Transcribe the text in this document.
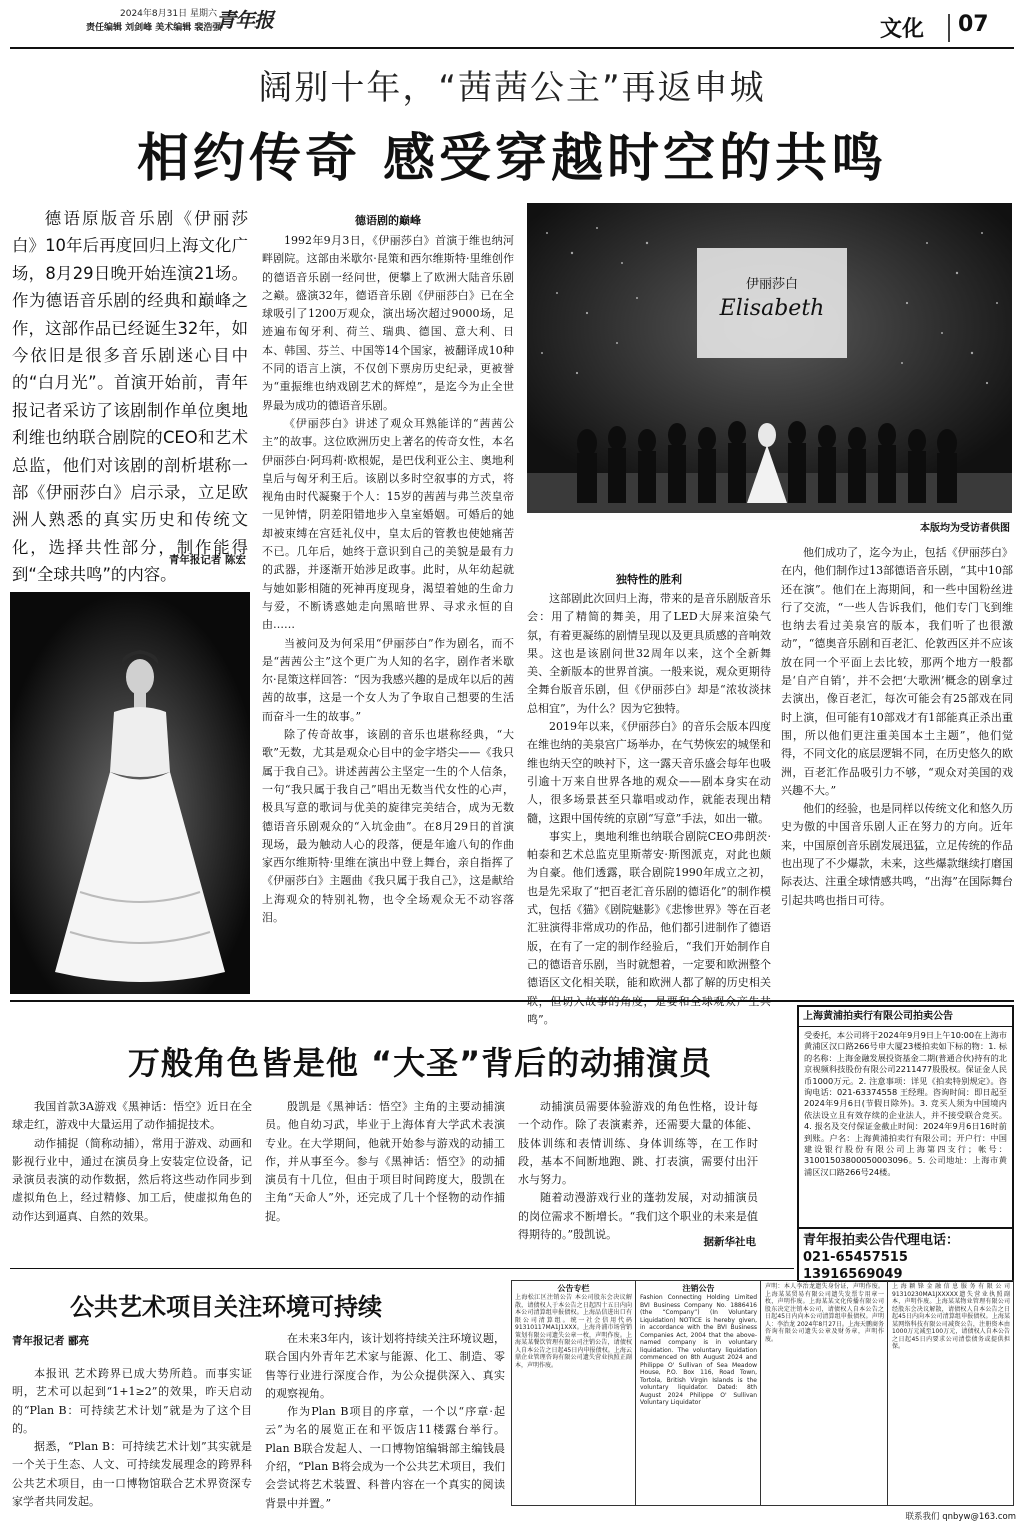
2024年8月31日 星期六
责任编辑 刘剑峰 美术编辑 裴浩强
青年报	文化 07
阔别十年，“茜茜公主”再返申城
相约传奇 感受穿越时空的共鸣
德语原版音乐剧《伊丽莎白》10年后再度回归上海文化广场，8月29日晚开始连演21场。作为德语音乐剧的经典和巅峰之作，这部作品已经诞生32年，如今依旧是很多音乐剧迷心目中的“白月光”。首演开始前，青年报记者采访了该剧制作单位奥地利维也纳联合剧院的CEO和艺术总监，他们对该剧的剖析堪称一部《伊丽莎白》启示录，立足欧洲人熟悉的真实历史和传统文化，选择共性部分，制作能得到“全球共鸣”的内容。
青年报记者 陈宏
德语剧的巅峰

1992年9月3日，《伊丽莎白》首演于维也纳河畔剧院。这部由米歇尔·昆策和西尔维斯特·里维创作的德语音乐剧一经问世，便攀上了欧洲大陆音乐剧之巅。盛演32年，德语音乐剧《伊丽莎白》已在全球吸引了1200万观众，演出场次超过9000场，足迹遍布匈牙利、荷兰、瑞典、德国、意大利、日本、韩国、芬兰、中国等14个国家，被翻译成10种不同的语言上演，不仅创下票房历史纪录，更被誉为“重振维也纳戏剧艺术的辉煌”，是迄今为止全世界最为成功的德语音乐剧。

《伊丽莎白》讲述了观众耳熟能详的“茜茜公主”的故事。这位欧洲历史上著名的传奇女性，本名伊丽莎白·阿玛莉·欧根妮，是巴伐利亚公主、奥地利皇后与匈牙利王后。该剧以多时空叙事的方式，将视角由时代凝聚于个人：15岁的茜茜与弗兰茨皇帝一见钟情，阴差阳错地步入皇室婚姻。可婚后的她却被束缚在宫廷礼仪中，皇太后的管教也使她痛苦不已。几年后，她终于意识到自己的美貌是最有力的武器，并逐渐开始涉足政事。此时，从年幼起就与她如影相随的死神再度现身，渴望着她的生命力与爱，不断诱惑她走向黑暗世界、寻求永恒的自由……

当被问及为何采用“伊丽莎白”作为剧名，而不是“茜茜公主”这个更广为人知的名字，剧作者米歇尔·昆策这样回答：“因为我感兴趣的是成年以后的茜茜的故事，这是一个女人为了争取自己想要的生活而奋斗一生的故事。”

除了传奇故事，该剧的音乐也堪称经典，“大歌”无数，尤其是观众心目中的金字塔尖——《我只属于我自己》。讲述茜茜公主坚定一生的个人信条，一句“我只属于我自己”唱出无数当代女性的心声，极具写意的歌词与优美的旋律完美结合，成为无数德语音乐剧观众的“入坑金曲”。在8月29日的首演现场，最为触动人心的段落，便是年逾八旬的作曲家西尔维斯特·里维在演出中登上舞台，亲自指挥了《伊丽莎白》主题曲《我只属于我自己》，这是献给上海观众的特别礼物，也令全场观众无不动容落泪。

伊丽莎白
Elisabeth
本版均为受访者供图
独特性的胜利

这部剧此次回归上海，带来的是音乐剧版音乐会：用了精简的舞美，用了LED大屏来渲染气氛，有着更凝练的剧情呈现以及更具质感的音响效果。这也是该剧问世32周年以来，这个全新舞美、全新版本的世界首演。一般来说，观众更期待全舞台版音乐剧，但《伊丽莎白》却是“浓妆淡抹总相宜”，为什么？因为它独特。

2019年以来，《伊丽莎白》的音乐会版本四度在维也纳的美泉宫广场举办，在气势恢宏的城堡和维也纳天空的映衬下，这一露天音乐盛会每年也吸引逾十万来自世界各地的观众——剧本身实在动人，很多场景甚至只靠唱或动作，就能表现出精髓，这跟中国传统的京剧“写意”手法，如出一辙。

事实上，奥地利维也纳联合剧院CEO弗朗茨·帕泰和艺术总监克里斯蒂安·斯图派克，对此也颇为自豪。他们透露，联合剧院1990年成立之初，也是先采取了“把百老汇音乐剧的德语化”的制作模式，包括《猫》《剧院魅影》《悲惨世界》等在百老汇驻演得非常成功的作品，他们都引进制作了德语版，在有了一定的制作经验后，“我们开始制作自己的德语音乐剧，当时就想着，一定要和欧洲整个德语区文化相关联，能和欧洲人都了解的历史相关 鸣”。

他们成功了，迄今为止，包括《伊丽莎白》在内，他们制作过13部德语音乐剧，“其中10部还在演”。他们在上海期间，和一些中国粉丝进行了交流，“一些人告诉我们，他们专门飞到维也纳去看过美泉宫的版本，我们听了也很激动”，“德奥音乐剧和百老汇、伦敦西区并不应该放在同一个平面上去比较，那两个地方一般都是‘自产自销’，并不会把‘大歌洲’概念的剧拿过去演出，像百老汇，每次可能会有25部戏在同时上演，但可能有10部戏才有1部能真正杀出重围，所以他们更注重美国本土主题”，他们觉得，不同文化的底层逻辑不同，在历史悠久的欧洲，百老汇作品吸引力不够，“观众对美国的戏兴趣不大。”

他们的经验，也是同样以传统文化和悠久历史为傲的中国音乐剧人正在努力的方向。近年来，中国原创音乐剧发展迅猛，立足传统的作品也出现了不少爆款，未来，这些爆款继续打磨国际表达、注重全球情感共鸣，“出海”在国际舞台引起共鸣也指日可待。

万般角色皆是他 “大圣”背后的动捕演员

我国首款3A游戏《黑神话：悟空》近日在全球走红，游戏中大量运用了动作捕捉技术。

动作捕捉（简称动捕），常用于游戏、动画和影视行业中，通过在演员身上安装定位设备，记录演员表演的动作数据，然后将这些动作同步到虚拟角色上，经过精修、加工后，使虚拟角色的动作达到逼真、自然的效果。

殷凯是《黑神话：悟空》主角的主要动捕演员。他自幼习武，毕业于上海体育大学武术表演专业。在大学期间，他就开始参与游戏的动捕工作，并从事至今。参与《黑神话：悟空》的动捕演员有十几位，但由于项目时间跨度大，殷凯在主角“天命人”外，还完成了几十个怪物的动作捕捉。

动捕演员需要体验游戏的角色性格，设计每一个动作。除了表演素养，还需要大量的体能、肢体训练和表情训练、身体训练等，在工作时段，基本不间断地跑、跳、打表演，需要付出汗水与努力。

随着动漫游戏行业的蓬勃发展，对动捕演员的岗位需求不断增长。“我们这个职业的未来是值得期待的。”殷凯说。

据新华社电
上海黄浦拍卖行有限公司拍卖公告
受委托，本公司将于2024年9月9日上午10:00在上海市黄浦区汉口路266号申大厦23楼拍卖如下标的物：1. 标的名称：上海金融发展投资基金二期(普通合伙)持有的北京视频科技股份有限公司2211477股股权。保证金人民币1000万元。2. 注意事项：详见《拍卖特别规定》。咨询电话：021-63374558 王经理。咨询时间：即日起至2024年9月6日(节假日除外)。3. 竞买人须为中国境内依法设立且有效存续的企业法人，并不接受联合竞买。4. 报名及交付保证金截止时间：2024年9月6日16时前到账。户名：上海黄浦拍卖行有限公司；开户行：中国建设银行股份有限公司上海第四支行；帐号：31001503800050003096。5. 公司地址：上海市黄浦区汉口路266号24楼。
青年报拍卖公告代理电话：
021-65457515 13916569049
公共艺术项目关注环境可持续
青年报记者 郦亮

本报讯 艺术跨界已成大势所趋。而事实证明，艺术可以起到“1+1≥2”的效果，昨天启动的“Plan B：可持续艺术计划”就是为了这个目的。

据悉，“Plan B：可持续艺术计划”其实就是一个关于生态、人文、可持续发展理念的跨界科公共艺术项目，由一口博物馆联合艺术界资深专家学者共同发起。

在未来3年内，该计划将持续关注环境议题，联合国内外青年艺术家与能源、化工、制造、零售等行业进行深度合作，为公众提供深入、真实的观察视角。

作为Plan B项目的序章，一个以“序章·起云”为名的展览正在和平饭店11楼露台举行。Plan B联合发起人、一口博物馆编辑部主编钱晨介绍，“Plan B将会成为一个公共艺术项目，我们会尝试将艺术装置、科普内容在一个真实的阅读背景中并置。”

公告专栏
上海松江区注销公告 本公司股东会决议解散，请债权人于本公告之日起四十五日内向本公司清算组申报债权。上海品信进出口有限公司清算组。统一社会信用代码91310117MA1J1XXX。上海舟浦市场营销策划有限公司遗失公章一枚，声明作废。上海某某餐饮管理有限公司注销公告，请债权人自本公告之日起45日内申报债权。上海云鼎企业管理咨询有限公司遗失营业执照正副本，声明作废。
注销公告
Fashion Connecting Holding Limited BVI Business Company No. 1886416 (the “Company”) (In Voluntary Liquidation) NOTICE is hereby given, in accordance with the BVI Business Companies Act, 2004 that the above-named company is in voluntary liquidation. The voluntary liquidation commenced on 8th August 2024 and Philippe O' Sullivan of Sea Meadow House, P.O. Box 116, Road Town, Tortola, British Virgin Islands is the voluntary liquidator. Dated: 8th August 2024 Philippe O' Sullivan Voluntary Liquidator
声明：本人李治龙遗失身份证，声明作废。上海某某贸易有限公司遗失发票专用章一枚，声明作废。上海某某文化传播有限公司股东决定注销本公司，请债权人自本公告之日起45日内向本公司清算组申报债权。声明人：李治龙 2024年8月27日。上海天鹏商务咨询有限公司遗失公章及财务章，声明作废。
上海颖锋金融信息服务有限公司91310230MA1JXXXXX遗失营业执照副本，声明作废。上海某某物业管理有限公司经股东会决议解散，请债权人自本公告之日起45日内向本公司清算组申报债权。上海某某网络科技有限公司减资公告，注册资本由1000万元减至100万元，请债权人自本公告之日起45日内要求公司清偿债务或提供担保。
联系我们 qnbyw@163.com
